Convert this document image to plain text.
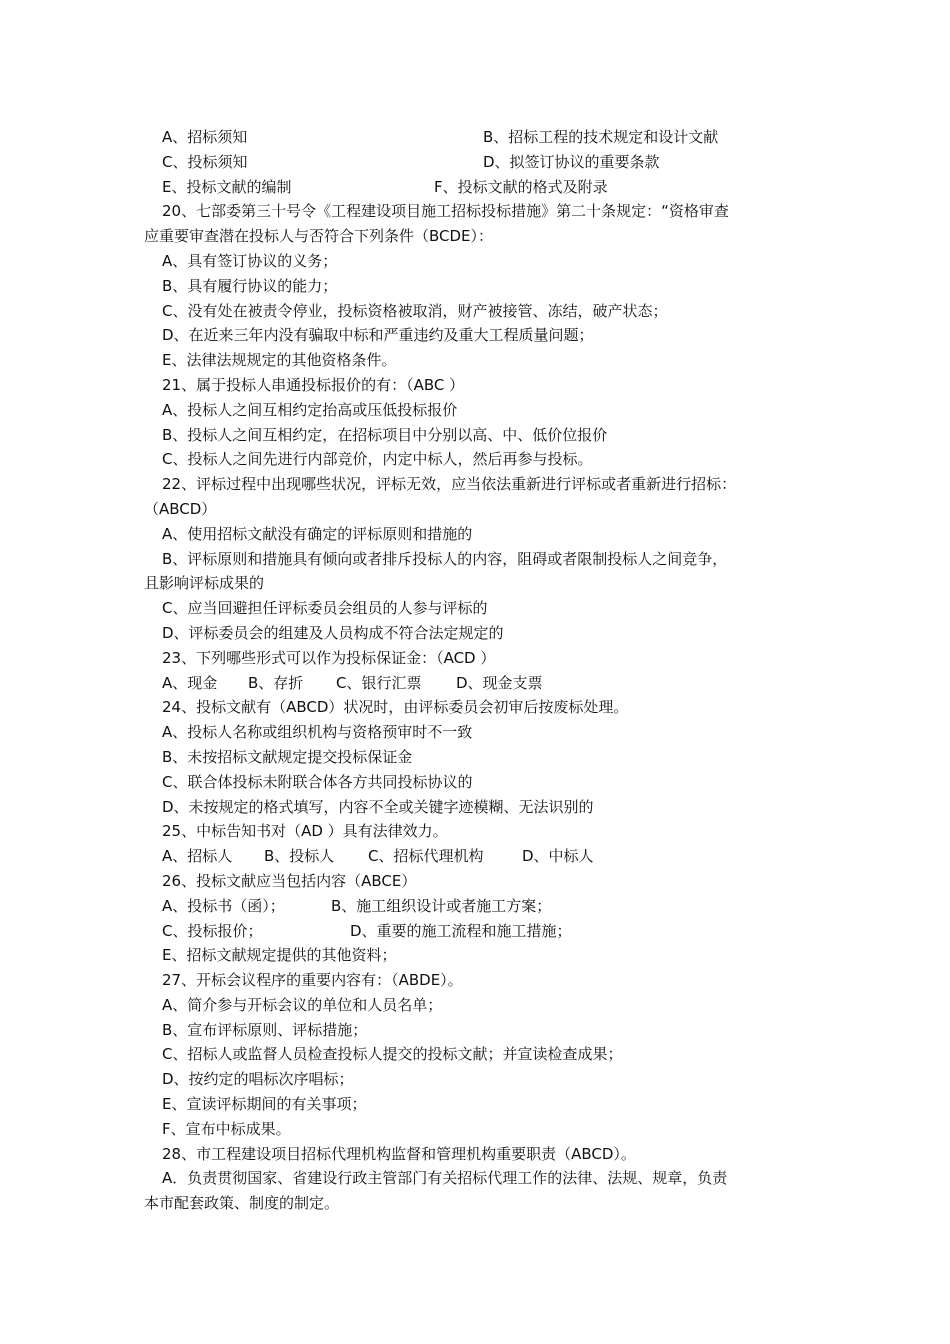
A、招标须知	B、招标工程的技术规定和设计文献
C、投标须知	D、拟签订协议的重要条款
E、投标文献的编制	F、投标文献的格式及附录
20、七部委第三十号令《工程建设项目施工招标投标措施》第二十条规定：“资格审查
应重要审查潜在投标人与否符合下列条件（BCDE）：
A、具有签订协议的义务；
B、具有履行协议的能力；
C、没有处在被责令停业，投标资格被取消，财产被接管、冻结，破产状态；
D、在近来三年内没有骗取中标和严重违约及重大工程质量问题；
E、法律法规规定的其他资格条件。
21、属于投标人串通投标报价的有：（ABC ）
A、投标人之间互相约定抬高或压低投标报价
B、投标人之间互相约定，在招标项目中分别以高、中、低价位报价
C、投标人之间先进行内部竞价，内定中标人，然后再参与投标。
22、评标过程中出现哪些状况，评标无效，应当依法重新进行评标或者重新进行招标：
（ABCD）
A、使用招标文献没有确定的评标原则和措施的
B、评标原则和措施具有倾向或者排斥投标人的内容，阻碍或者限制投标人之间竞争，
且影响评标成果的
C、应当回避担任评标委员会组员的人参与评标的
D、评标委员会的组建及人员构成不符合法定规定的
23、下列哪些形式可以作为投标保证金：（ACD ）
A、现金 B、存折 C、银行汇票 D、现金支票
24、投标文献有（ABCD）状况时，由评标委员会初审后按废标处理。
A、投标人名称或组织机构与资格预审时不一致
B、未按招标文献规定提交投标保证金
C、联合体投标未附联合体各方共同投标协议的
D、未按规定的格式填写，内容不全或关键字迹模糊、无法识别的
25、中标告知书对（AD ）具有法律效力。
A、招标人 B、投标人 C、招标代理机构	D、中标人
26、投标文献应当包括内容（ABCE）
A、投标书（函）；	B、施工组织设计或者施工方案；
C、投标报价；	D、重要的施工流程和施工措施；
E、招标文献规定提供的其他资料；
27、开标会议程序的重要内容有：（ABDE）。
A、简介参与开标会议的单位和人员名单；
B、宣布评标原则、评标措施；
C、招标人或监督人员检查投标人提交的投标文献；并宣读检查成果；
D、按约定的唱标次序唱标；
E、宣读评标期间的有关事项；
F、宣布中标成果。
28、市工程建设项目招标代理机构监督和管理机构重要职责（ABCD）。
A．负责贯彻国家、省建设行政主管部门有关招标代理工作的法律、法规、规章，负责
本市配套政策、制度的制定。
